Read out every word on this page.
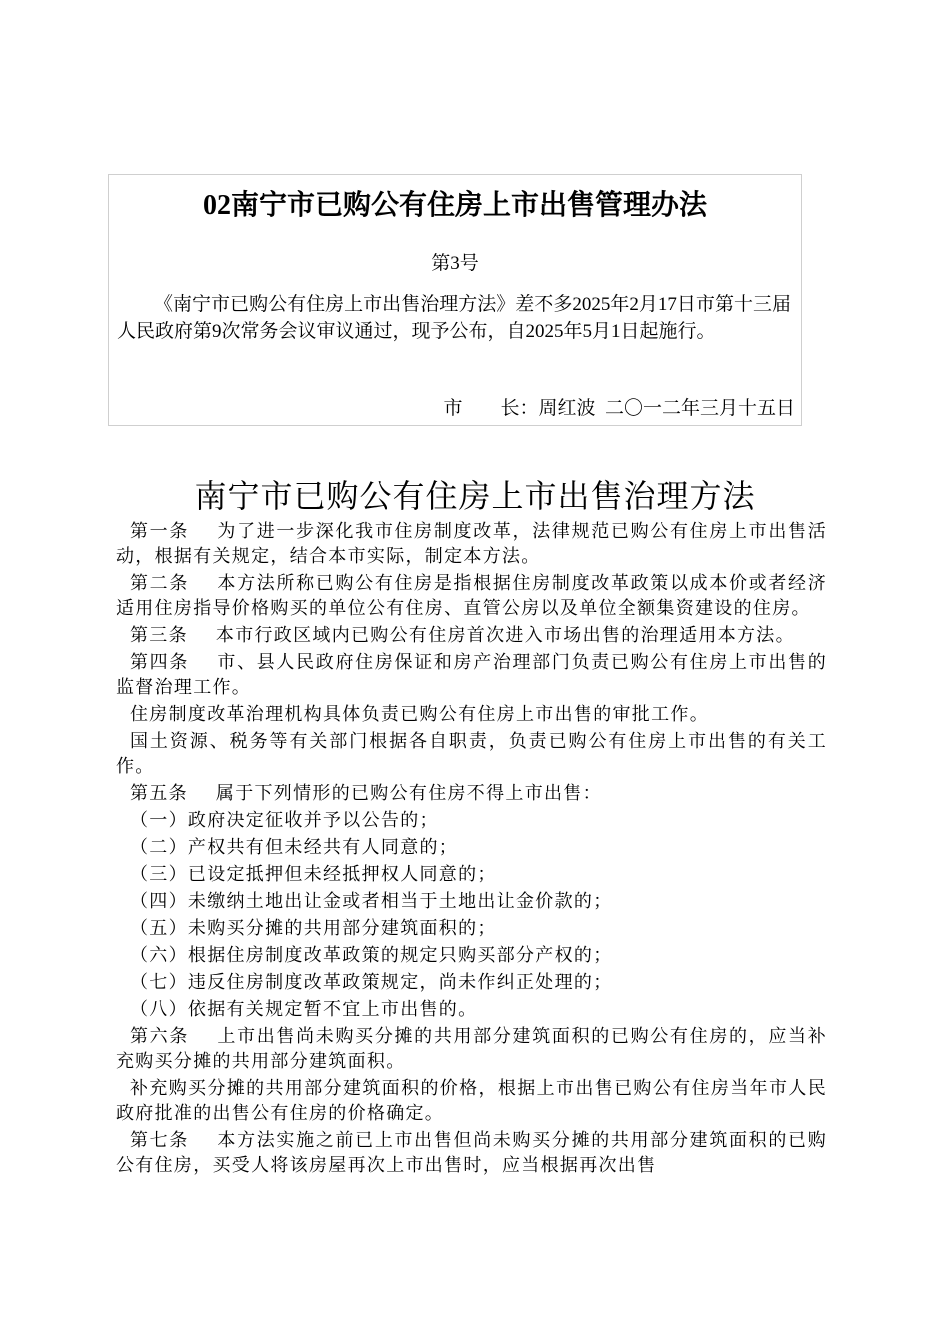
02南宁市已购公有住房上市出售管理办法
第3号
《南宁市已购公有住房上市出售治理方法》差不多2025年2月17日市第十三届人民政府第9次常务会议审议通过，现予公布，自2025年5月1日起施行。
市　　长：周红波  二〇一二年三月十五日
南宁市已购公有住房上市出售治理方法

第一条 为了进一步深化我市住房制度改革，法律规范已购公有住房上市出售活动，根据有关规定，结合本市实际，制定本方法。

第二条 本方法所称已购公有住房是指根据住房制度改革政策以成本价或者经济适用住房指导价格购买的单位公有住房、直管公房以及单位全额集资建设的住房。

第三条 本市行政区域内已购公有住房首次进入市场出售的治理适用本方法。

第四条 市、县人民政府住房保证和房产治理部门负责已购公有住房上市出售的监督治理工作。

住房制度改革治理机构具体负责已购公有住房上市出售的审批工作。

国土资源、税务等有关部门根据各自职责，负责已购公有住房上市出售的有关工作。

第五条 属于下列情形的已购公有住房不得上市出售：

（一）政府决定征收并予以公告的；

（二）产权共有但未经共有人同意的；

（三）已设定抵押但未经抵押权人同意的；

（四）未缴纳土地出让金或者相当于土地出让金价款的；

（五）未购买分摊的共用部分建筑面积的；

（六）根据住房制度改革政策的规定只购买部分产权的；

（七）违反住房制度改革政策规定，尚未作纠正处理的；

（八）依据有关规定暂不宜上市出售的。

第六条 上市出售尚未购买分摊的共用部分建筑面积的已购公有住房的，应当补充购买分摊的共用部分建筑面积。

补充购买分摊的共用部分建筑面积的价格，根据上市出售已购公有住房当年市人民政府批准的出售公有住房的价格确定。

第七条 本方法实施之前已上市出售但尚未购买分摊的共用部分建筑面积的已购公有住房，买受人将该房屋再次上市出售时，应当根据再次出售
